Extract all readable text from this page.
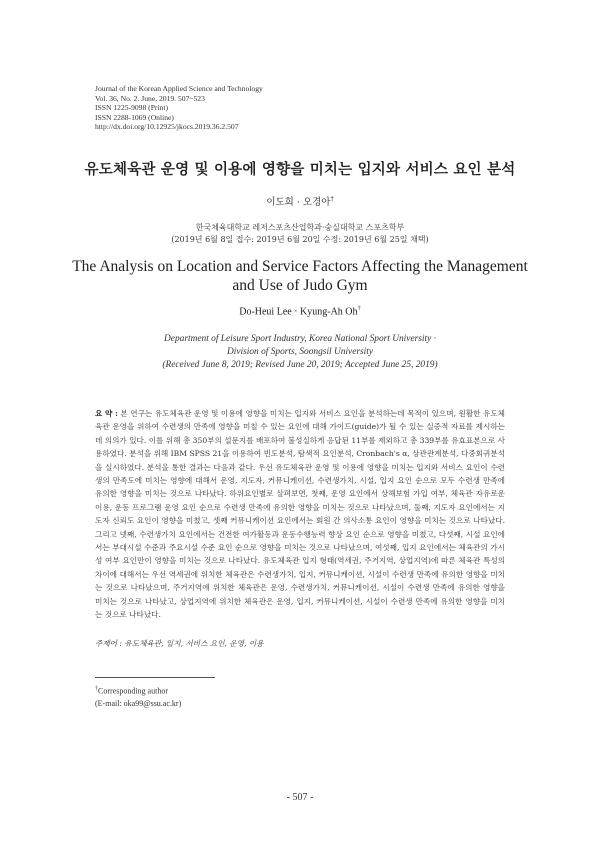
Journal of the Korean Applied Science and Technology
Vol. 36, No. 2. June, 2019. 507~523
ISSN 1225-9098 (Print)
ISSN 2288-1069 (Online)
http://dx.doi.org/10.12925/jkocs.2019.36.2.507
유도체육관 운영 및 이용에 영향을 미치는 입지와 서비스 요인 분석
이도희 · 오경아†
한국체육대학교 레저스포츠산업학과·숭실대학교 스포츠학부
(2019년 6월 8일 접수: 2019년 6월 20일 수정: 2019년 6월 25일 채택)
The Analysis on Location and Service Factors Affecting the Management
and Use of Judo Gym
Do-Heui Lee · Kyung-Ah Oh†
Department of Leisure Sport Industry, Korea National Sport University ·
Division of Sports, Soongsil University
(Received June 8, 2019; Revised June 20, 2019; Accepted June 25, 2019)
요 약 : 본 연구는 유도체육관 운영 및 이용에 영향을 미치는 입지와 서비스 요인을 분석하는데 목적이 있으며, 원활한 유도체육관 운영을 위하여 수련생의 만족에 영향을 미칠 수 있는 요인에 대해 가이드(guide)가 될 수 있는 실증적 자료를 제시하는데 의의가 있다. 이를 위해 총 350부의 설문지를 배포하여 불성실하게 응답된 11부를 제외하고 총 339부를 유효표본으로 사용하였다. 분석을 위해 IBM SPSS 21을 이용하여 빈도분석, 탐색적 요인분석, Cronbach's α, 상관관계분석, 다중회귀분석을 실시하였다. 분석을 통한 결과는 다음과 같다. 우선 유도체육관 운영 및 이용에 영향을 미치는 입지와 서비스 요인이 수련생의 만족도에 미치는 영향에 대해서 운영, 지도자, 커뮤니케이션, 수련생가치, 시설, 입지 요인 순으로 모두 수련생 만족에 유의한 영향을 미치는 것으로 나타났다. 하위요인별로 살펴보면, 첫째, 운영 요인에서 상해보험 가입 여부, 체육관 자유로운 이용, 운동 프로그램 운영 요인 순으로 수련생 만족에 유의한 영향을 미치는 것으로 나타났으며, 둘째, 지도자 요인에서는 지도자 신뢰도 요인이 영향을 미쳤고, 셋째 커뮤니케이션 요인에서는 회원 간 의사소통 요인이 영향을 미치는 것으로 나타났다. 그리고 넷째, 수련생가치 요인에서는 건전한 여가활동과 운동수행능력 향상 요인 순으로 영향을 미쳤고, 다섯째, 시설 요인에서는 부대시설 수준과 주요시설 수준 요인 순으로 영향을 미치는 것으로 나타났으며, 여섯째, 입지 요인에서는 체육관의 가시성 여부 요인만이 영향을 미치는 것으로 나타났다. 유도체육관 입지 형태(역세권, 주거지역, 상업지역)에 따른 체육관 특성의 차이에 대해서는 우선 역세권에 위치한 체육관은 수련생가치, 입지, 커뮤니케이션, 시설이 수련생 만족에 유의한 영향을 미치는 것으로 나타났으며, 주거지역에 위치한 체육관은 운영, 수련생가치, 커뮤니케이션, 시설이 수련생 만족에 유의한 영향을 미치는 것으로 나타났고, 상업지역에 위치한 체육관은 운영, 입지, 커뮤니케이션, 시설이 수련생 만족에 유의한 영향을 미치는 것으로 나타났다.
주제어 : 유도체육관, 입지, 서비스 요인, 운영, 이용
†Corresponding author
(E-mail: oka99@ssu.ac.kr)
- 507 -
